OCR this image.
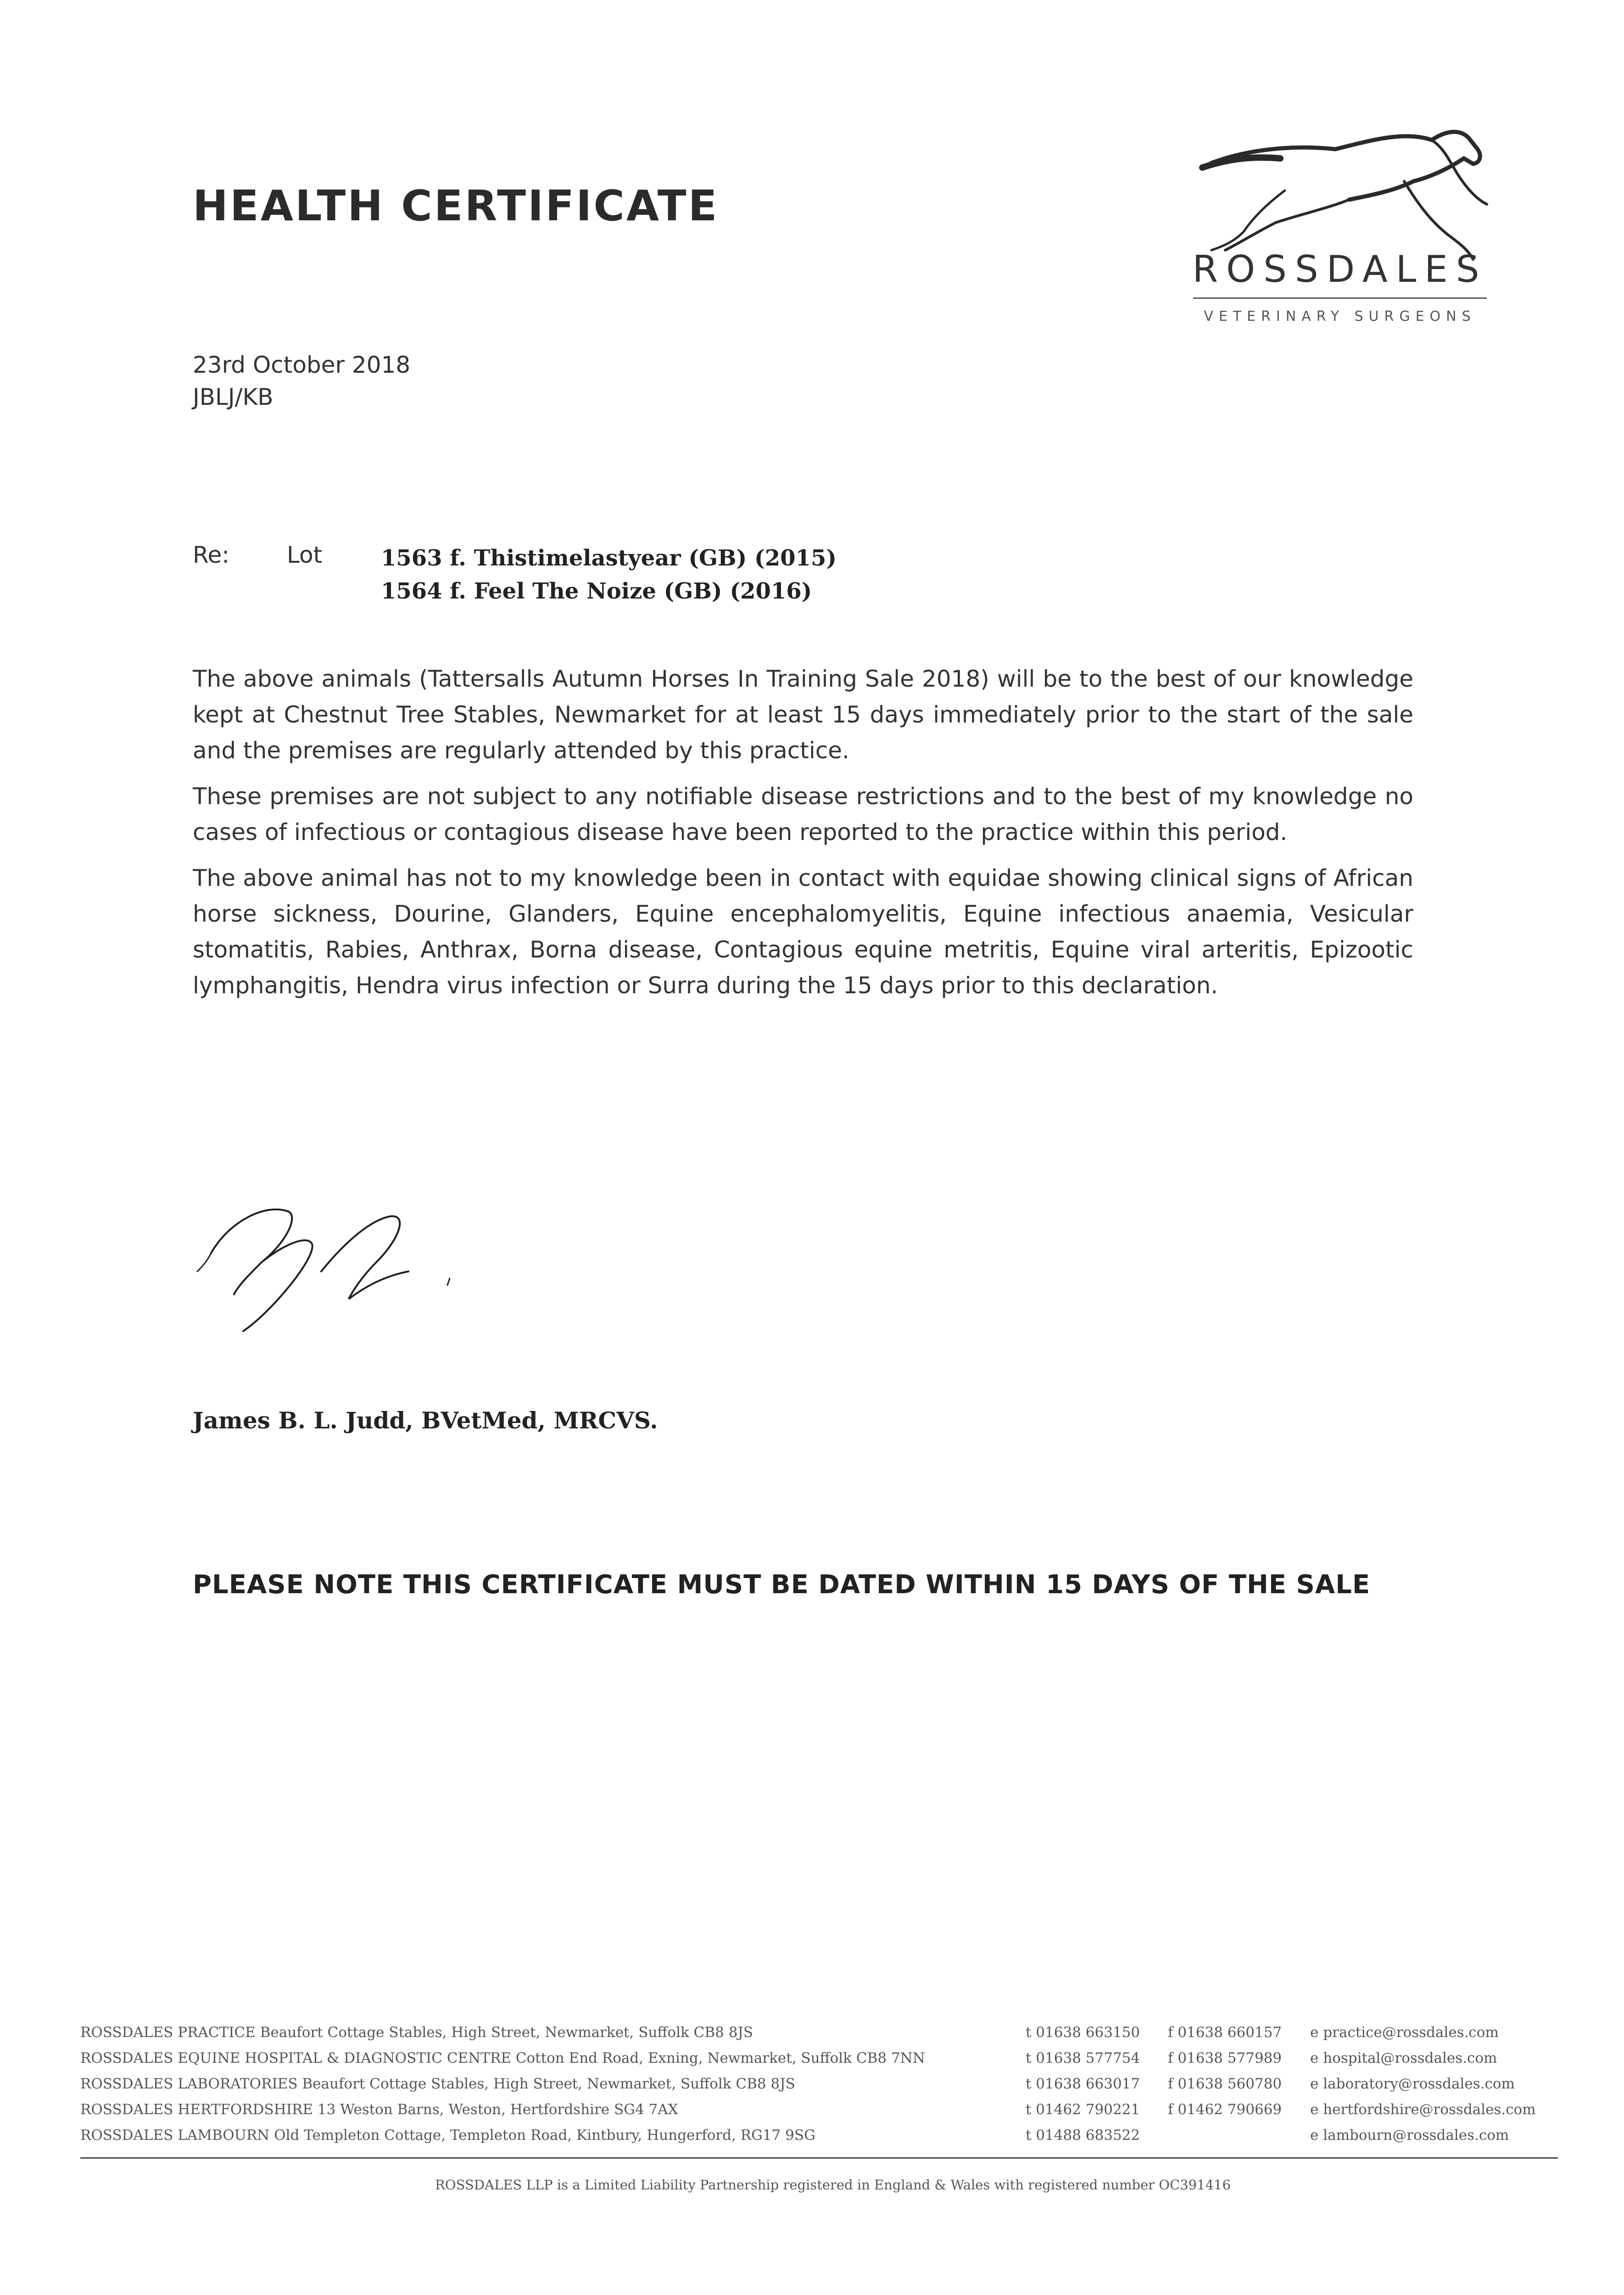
HEALTH CERTIFICATE
ROSSDALES
VETERINARY SURGEONS
23rd October 2018
JBLJ/KB
Re: Lot	1563 f. Thistimelastyear (GB) (2015)
1564 f. Feel The Noize (GB) (2016)

The above animals (Tattersalls Autumn Horses In Training Sale 2018) will be to the best of our knowledge kept at Chestnut Tree Stables, Newmarket for at least 15 days immediately prior to the start of the sale and the premises are regularly attended by this practice.

These premises are not subject to any notifiable disease restrictions and to the best of my knowledge no cases of infectious or contagious disease have been reported to the practice within this period.

The above animal has not to my knowledge been in contact with equidae showing clinical signs of African horse sickness, Dourine, Glanders, Equine encephalomyelitis, Equine infectious anaemia, Vesicular stomatitis, Rabies, Anthrax, Borna disease, Contagious equine metritis, Equine viral arteritis, Epizootic lymphangitis, Hendra virus infection or Surra during the 15 days prior to this declaration.

James B. L. Judd, BVetMed, MRCVS.
PLEASE NOTE THIS CERTIFICATE MUST BE DATED WITHIN 15 DAYS OF THE SALE
ROSSDALES PRACTICE Beaufort Cottage Stables, High Street, Newmarket, Suffolk CB8 8JS	t 01638 663150 f 01638 660157 e practice@rossdales.com
ROSSDALES EQUINE HOSPITAL & DIAGNOSTIC CENTRE Cotton End Road, Exning, Newmarket, Suffolk CB8 7NN	t 01638 577754 f 01638 577989 e hospital@rossdales.com
ROSSDALES LABORATORIES Beaufort Cottage Stables, High Street, Newmarket, Suffolk CB8 8JS	t 01638 663017 f 01638 560780 e laboratory@rossdales.com
ROSSDALES HERTFORDSHIRE 13 Weston Barns, Weston, Hertfordshire SG4 7AX	t 01462 790221 f 01462 790669 e hertfordshire@rossdales.com
ROSSDALES LAMBOURN Old Templeton Cottage, Templeton Road, Kintbury, Hungerford, RG17 9SG	t 01488 683522	e lambourn@rossdales.com
ROSSDALES LLP is a Limited Liability Partnership registered in England & Wales with registered number OC391416
